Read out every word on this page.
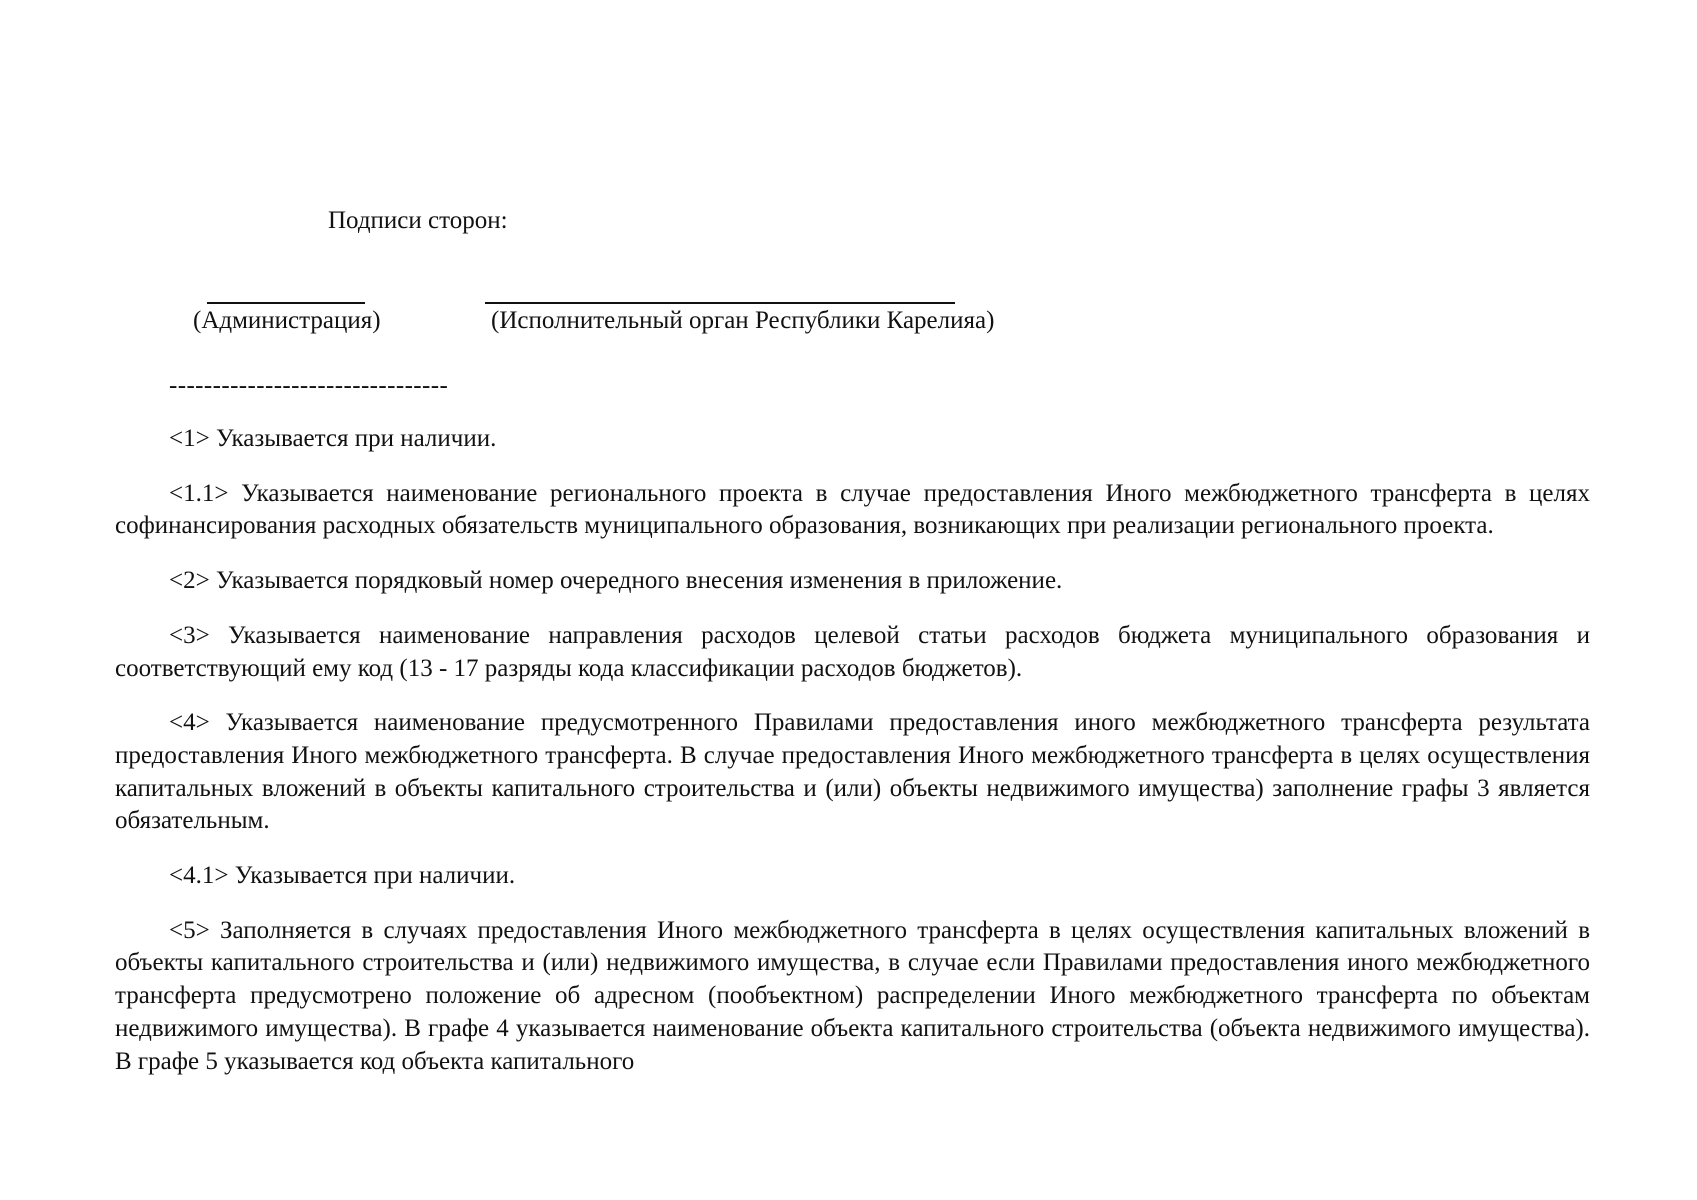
Подписи сторон:
(Администрация)	(Исполнительный орган Республики Карелияа)
--------------------------------

<1> Указывается при наличии.

<1.1> Указывается наименование регионального проекта в случае предоставления Иного межбюджетного трансферта в целях софинансирования расходных обязательств муниципального образования, возникающих при реализации регионального проекта.

<2> Указывается порядковый номер очередного внесения изменения в приложение.

<3> Указывается наименование направления расходов целевой статьи расходов бюджета муниципального образования и соответствующий ему код (13 - 17 разряды кода классификации расходов бюджетов).

<4> Указывается наименование предусмотренного Правилами предоставления иного межбюджетного трансферта результата предоставления Иного межбюджетного трансферта. В случае предоставления Иного межбюджетного трансферта в целях осуществления капитальных вложений в объекты капитального строительства и (или) объекты недвижимого имущества) заполнение графы 3 является обязательным.

<4.1> Указывается при наличии.

<5> Заполняется в случаях предоставления Иного межбюджетного трансферта в целях осуществления капитальных вложений в объекты капитального строительства и (или) недвижимого имущества, в случае если Правилами предоставления иного межбюджетного трансферта предусмотрено положение об адресном (пообъектном) распределении Иного межбюджетного трансферта по объектам недвижимого имущества). В графе 4 указывается наименование объекта капитального строительства (объекта недвижимого имущества). В графе 5 указывается код объекта капитального
